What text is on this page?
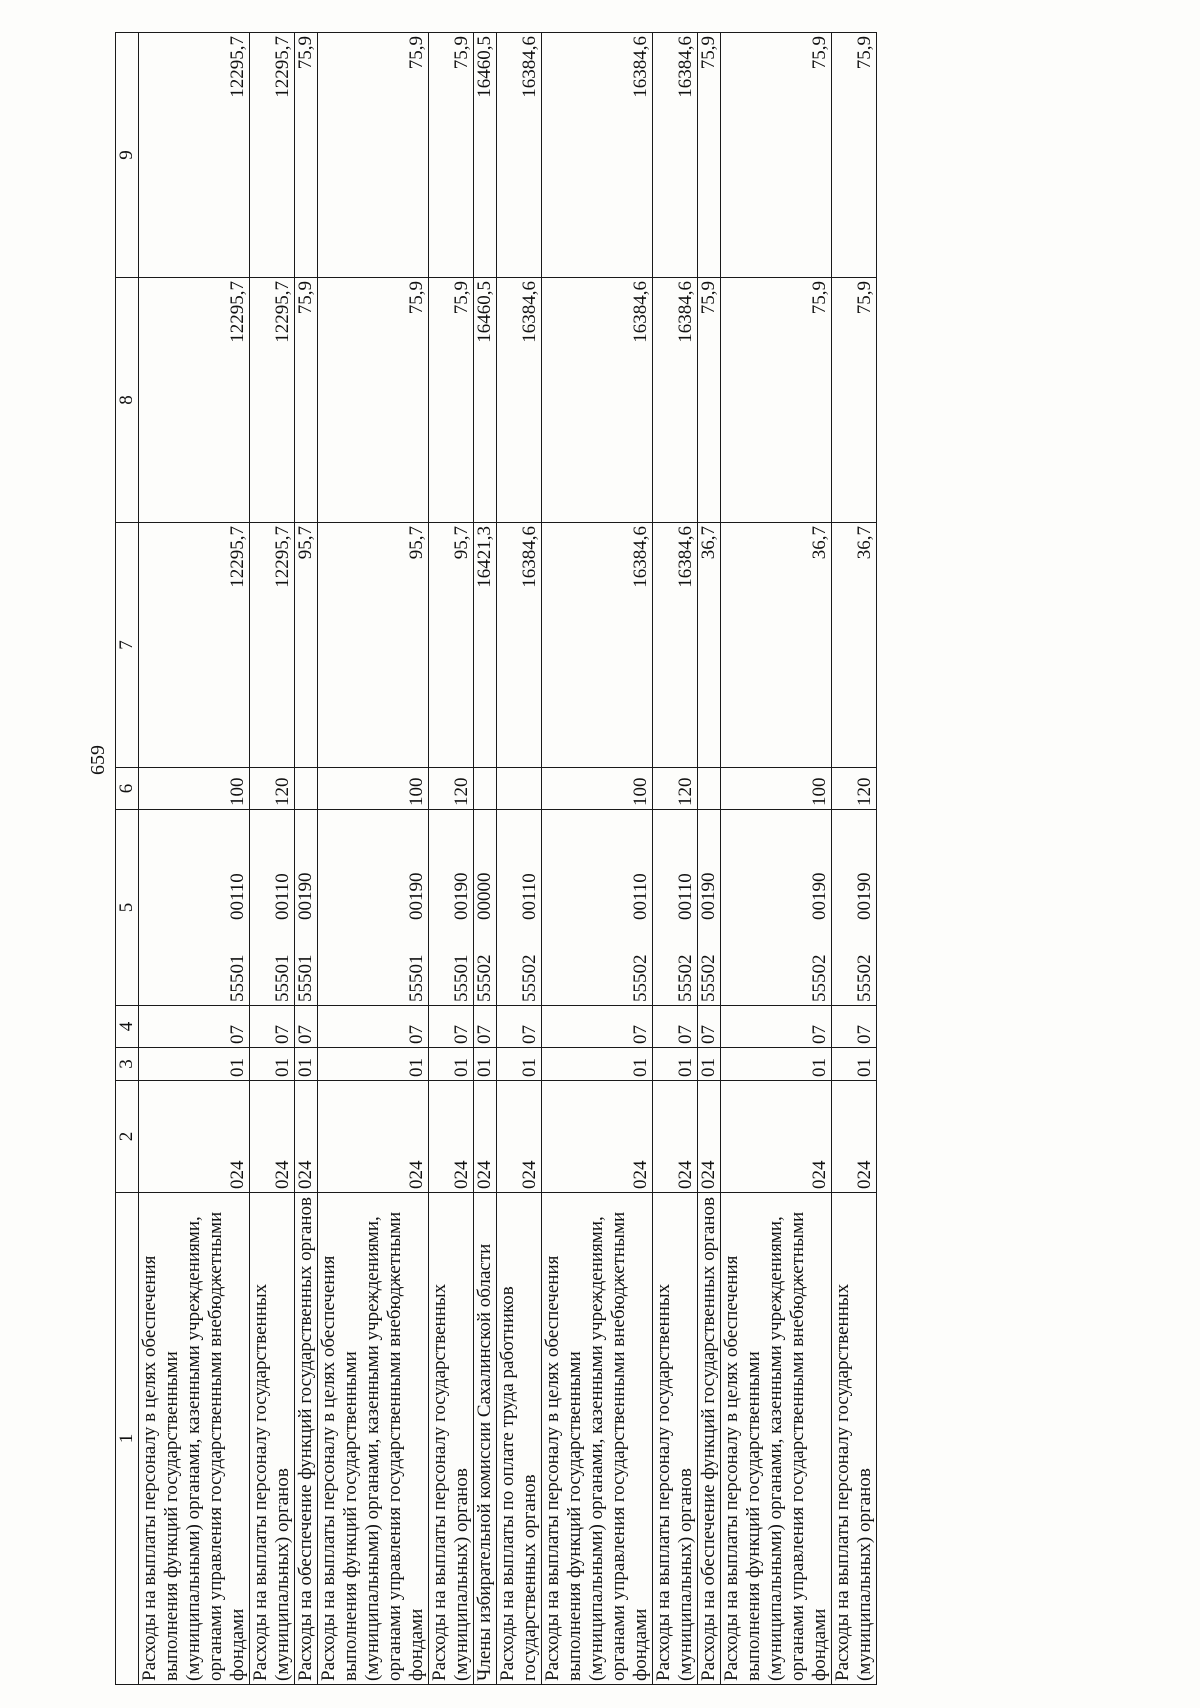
659
1	2	3	4	5	6	7	8	9
Расходы на выплаты персоналу в целях обеспечения выполнения функций государственными (муниципальными) органами, казенными учреждениями, органами управления государственными внебюджетными фондами	024	01	07	5550100110	100	12295,7	12295,7	12295,7
Расходы на выплаты персоналу государственных (муниципальных) органов	024	01	07	5550100110	120	12295,7	12295,7	12295,7
Расходы на обеспечение функций государственных органов	024	01	07	5550100190		95,7	75,9	75,9
Расходы на выплаты персоналу в целях обеспечения выполнения функций государственными (муниципальными) органами, казенными учреждениями, органами управления государственными внебюджетными фондами	024	01	07	5550100190	100	95,7	75,9	75,9
Расходы на выплаты персоналу государственных (муниципальных) органов	024	01	07	5550100190	120	95,7	75,9	75,9
Члены избирательной комиссии Сахалинской области	024	01	07	5550200000		16421,3	16460,5	16460,5
Расходы на выплаты по оплате труда работников государственных органов	024	01	07	5550200110		16384,6	16384,6	16384,6
Расходы на выплаты персоналу в целях обеспечения выполнения функций государственными (муниципальными) органами, казенными учреждениями, органами управления государственными внебюджетными фондами	024	01	07	5550200110	100	16384,6	16384,6	16384,6
Расходы на выплаты персоналу государственных (муниципальных) органов	024	01	07	5550200110	120	16384,6	16384,6	16384,6
Расходы на обеспечение функций государственных органов	024	01	07	5550200190		36,7	75,9	75,9
Расходы на выплаты персоналу в целях обеспечения выполнения функций государственными (муниципальными) органами, казенными учреждениями, органами управления государственными внебюджетными фондами	024	01	07	5550200190	100	36,7	75,9	75,9
Расходы на выплаты персоналу государственных (муниципальных) органов	024	01	07	5550200190	120	36,7	75,9	75,9
